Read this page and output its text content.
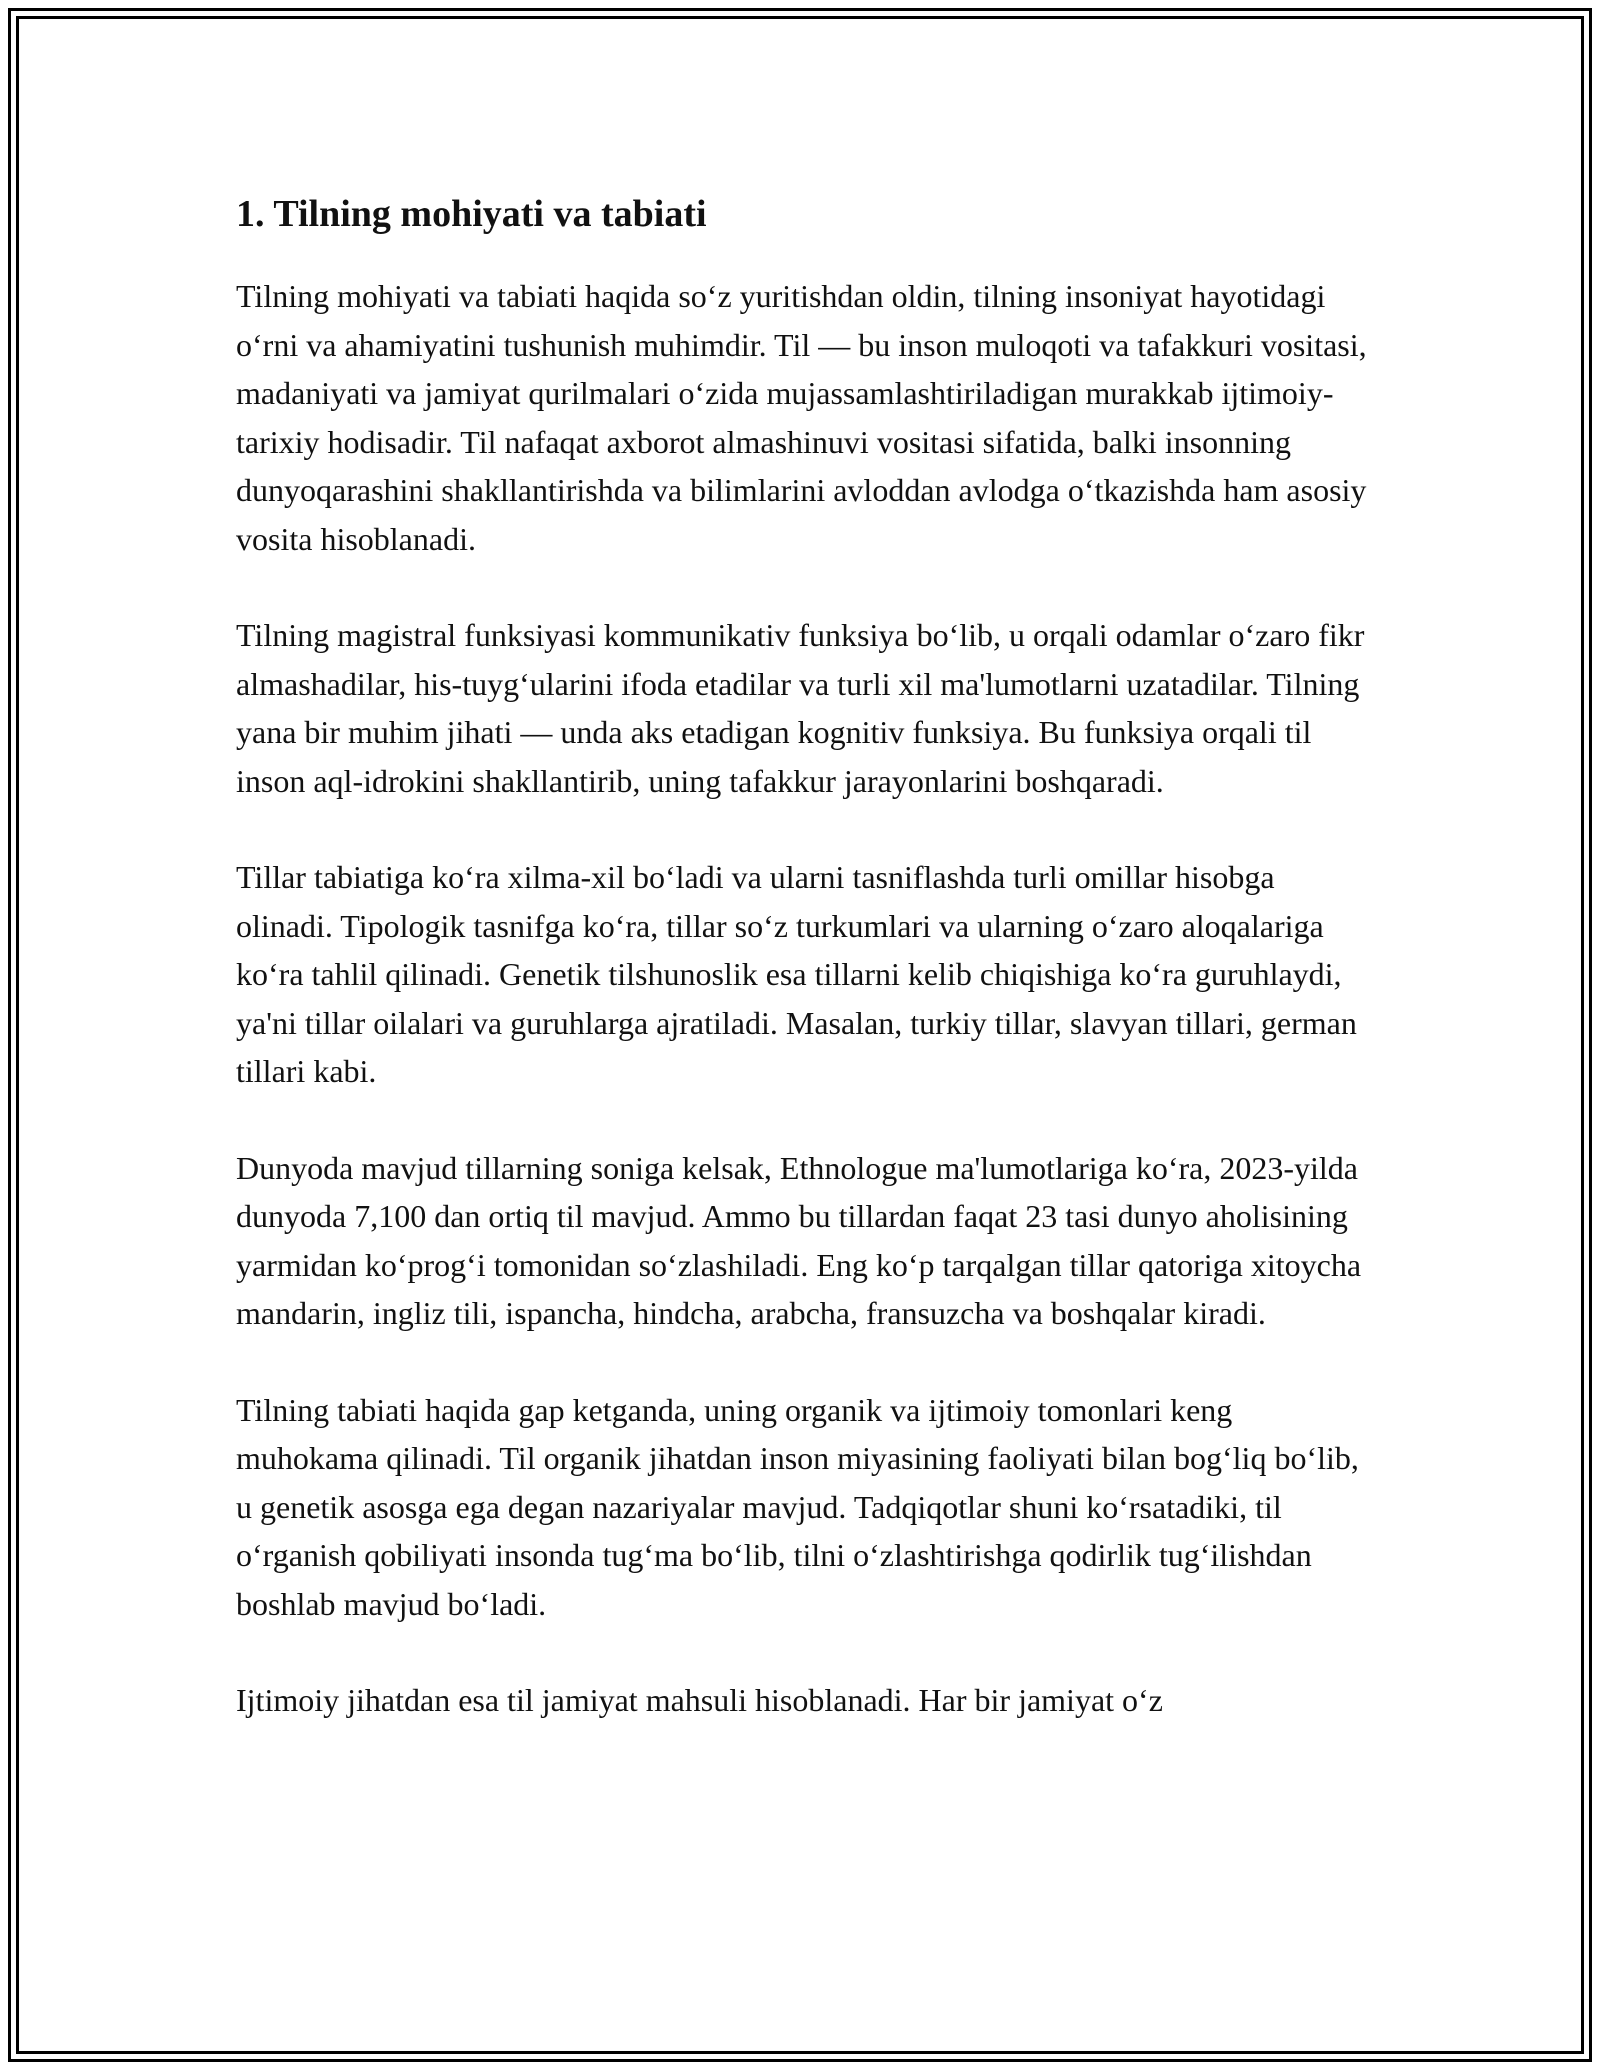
1. Tilning mohiyati va tabiati

Tilning mohiyati va tabiati haqida so‘z yuritishdan oldin, tilning insoniyat hayotidagi o‘rni va ahamiyatini tushunish muhimdir. Til — bu inson muloqoti va tafakkuri vositasi, madaniyati va jamiyat qurilmalari o‘zida mujassamlashtiriladigan murakkab ijtimoiy-tarixiy hodisadir. Til nafaqat axborot almashinuvi vositasi sifatida, balki insonning dunyoqarashini shakllantirishda va bilimlarini avloddan avlodga o‘tkazishda ham asosiy vosita hisoblanadi.

Tilning magistral funksiyasi kommunikativ funksiya bo‘lib, u orqali odamlar o‘zaro fikr almashadilar, his-tuyg‘ularini ifoda etadilar va turli xil ma'lumotlarni uzatadilar. Tilning yana bir muhim jihati — unda aks etadigan kognitiv funksiya. Bu funksiya orqali til inson aql-idrokini shakllantirib, uning tafakkur jarayonlarini boshqaradi.

Tillar tabiatiga ko‘ra xilma-xil bo‘ladi va ularni tasniflashda turli omillar hisobga olinadi. Tipologik tasnifga ko‘ra, tillar so‘z turkumlari va ularning o‘zaro aloqalariga ko‘ra tahlil qilinadi. Genetik tilshunoslik esa tillarni kelib chiqishiga ko‘ra guruhlaydi, ya'ni tillar oilalari va guruhlarga ajratiladi. Masalan, turkiy tillar, slavyan tillari, german tillari kabi.

Dunyoda mavjud tillarning soniga kelsak, Ethnologue ma'lumotlariga ko‘ra, 2023-yilda dunyoda 7,100 dan ortiq til mavjud. Ammo bu tillardan faqat 23 tasi dunyo aholisining yarmidan ko‘prog‘i tomonidan so‘zlashiladi. Eng ko‘p tarqalgan tillar qatoriga xitoycha mandarin, ingliz tili, ispancha, hindcha, arabcha, fransuzcha va boshqalar kiradi.

Tilning tabiati haqida gap ketganda, uning organik va ijtimoiy tomonlari keng muhokama qilinadi. Til organik jihatdan inson miyasining faoliyati bilan bog‘liq bo‘lib, u genetik asosga ega degan nazariyalar mavjud. Tadqiqotlar shuni ko‘rsatadiki, til o‘rganish qobiliyati insonda tug‘ma bo‘lib, tilni o‘zlashtirishga qodirlik tug‘ilishdan boshlab mavjud bo‘ladi.

Ijtimoiy jihatdan esa til jamiyat mahsuli hisoblanadi. Har bir jamiyat o‘z
